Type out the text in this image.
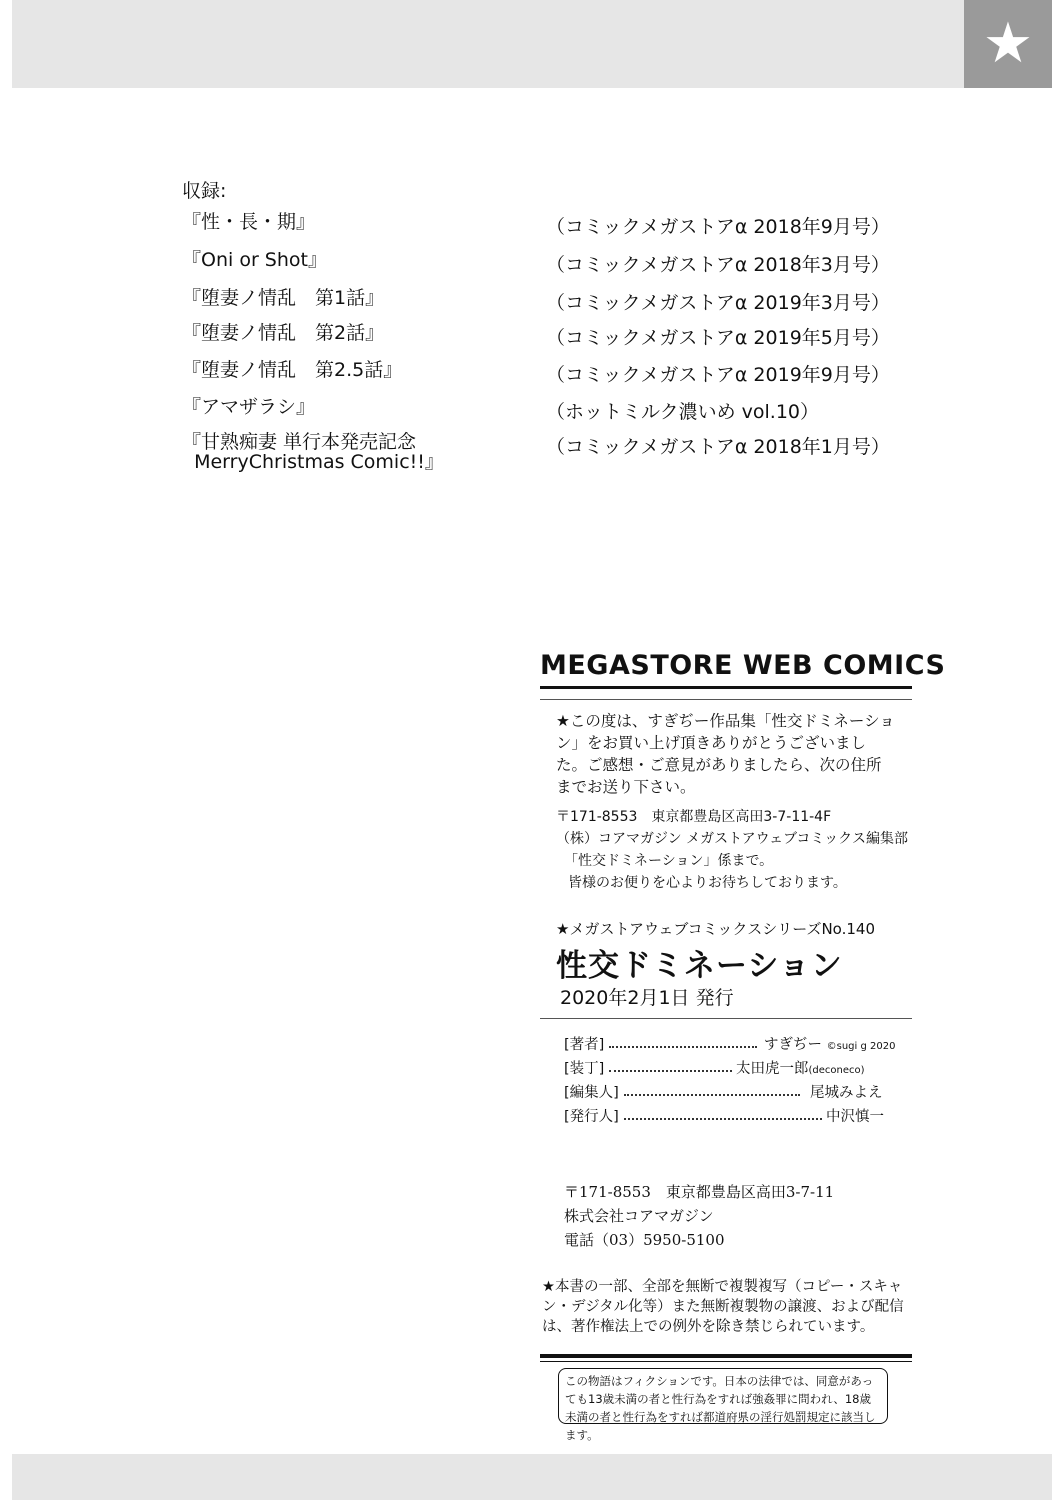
★
収録:
『性・長・期』	（コミックメガストアα 2018年9月号）
『Oni or Shot』	（コミックメガストアα 2018年3月号）
『堕妻ノ情乱　第1話』	（コミックメガストアα 2019年3月号）
『堕妻ノ情乱　第2話』	（コミックメガストアα 2019年5月号）
『堕妻ノ情乱　第2.5話』	（コミックメガストアα 2019年9月号）
『アマザラシ』	（ホットミルク濃いめ vol.10）
『甘熟痴妻 単行本発売記念
MerryChristmas Comic!!』
（コミックメガストアα 2018年1月号）
MEGASTORE WEB COMICS
★この度は、すぎぢー作品集「性交ドミネーション」をお買い上げ頂きありがとうございました。ご感想・ご意見がありましたら、次の住所までお送り下さい。
〒171-8553　東京都豊島区高田3-7-11-4F
（株）コアマガジン メガストアウェブコミックス編集部
「性交ドミネーション」係まで。
皆様のお便りを心よりお待ちしております。
★メガストアウェブコミックスシリーズNo.140
性交ドミネーション
2020年2月1日 発行
[著者]	すぎぢー ©sugi g 2020
[装丁]	太田虎一郎(deconeco)
[編集人]	尾城みよえ
[発行人]	中沢慎一
〒171-8553　東京都豊島区高田3-7-11
株式会社コアマガジン
電話（03）5950-5100
★本書の一部、全部を無断で複製複写（コピー・スキャン・デジタル化等）また無断複製物の譲渡、および配信は、著作権法上での例外を除き禁じられています。
この物語はフィクションです。日本の法律では、同意があっても13歳未満の者と性行為をすれば強姦罪に問われ、18歳未満の者と性行為をすれば都道府県の淫行処罰規定に該当します。
